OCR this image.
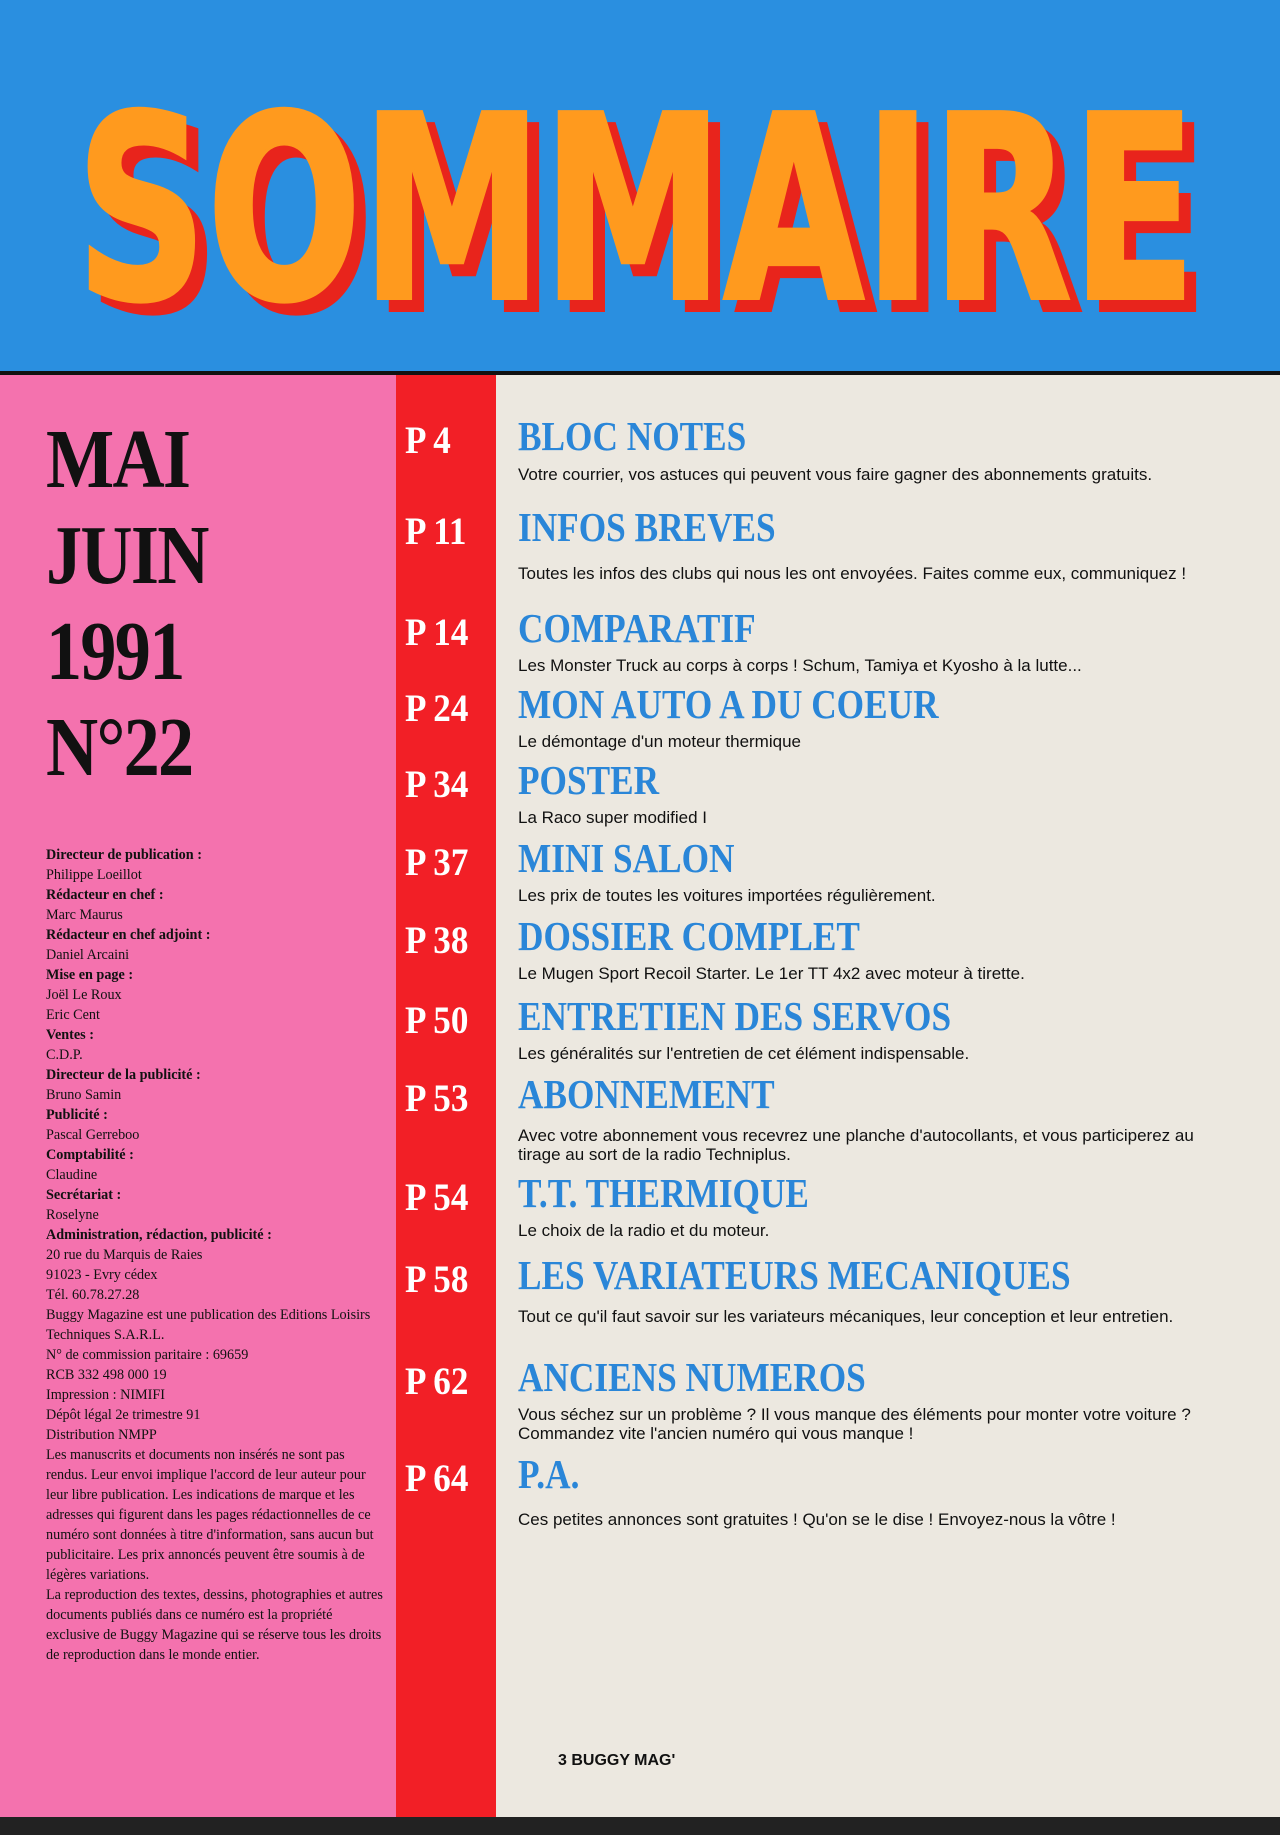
SOMMAIRE
SOMMAIRE
MAI
JUIN
1991
N°22
Directeur de publication :
Philippe Loeillot
Rédacteur en chef :
Marc Maurus
Rédacteur en chef adjoint :
Daniel Arcaini
Mise en page :
Joël Le Roux
Eric Cent
Ventes :
C.D.P.
Directeur de la publicité :
Bruno Samin
Publicité :
Pascal Gerreboo
Comptabilité :
Claudine
Secrétariat :
Roselyne
Administration, rédaction, publicité :
20 rue du Marquis de Raies
91023 - Evry cédex
Tél. 60.78.27.28
Buggy Magazine est une publication des Editions Loisirs Techniques S.A.R.L.
N° de commission paritaire : 69659
RCB 332 498 000 19
Impression : NIMIFI
Dépôt légal 2e trimestre 91
Distribution NMPP
Les manuscrits et documents non insérés ne sont pas rendus. Leur envoi implique l'accord de leur auteur pour leur libre publication. Les indications de marque et les adresses qui figurent dans les pages rédactionnelles de ce numéro sont données à titre d'information, sans aucun but publicitaire. Les prix annoncés peuvent être soumis à de légères variations.
La reproduction des textes, dessins, photographies et autres documents publiés dans ce numéro est la propriété exclusive de Buggy Magazine qui se réserve tous les droits de reproduction dans le monde entier.
P 4 BLOC NOTES
Votre courrier, vos astuces qui peuvent vous faire gagner des abonnements gratuits.
P 11 INFOS BREVES
Toutes les infos des clubs qui nous les ont envoyées. Faites comme eux, communiquez !
P 14 COMPARATIF
Les Monster Truck au corps à corps ! Schum, Tamiya et Kyosho à la lutte...
P 24 MON AUTO A DU COEUR
Le démontage d'un moteur thermique
P 34 POSTER
La Raco super modified I
P 37 MINI SALON
Les prix de toutes les voitures importées régulièrement.
P 38 DOSSIER COMPLET
Le Mugen Sport Recoil Starter. Le 1er TT 4x2 avec moteur à tirette.
P 50 ENTRETIEN DES SERVOS
Les généralités sur l'entretien de cet élément indispensable.
P 53 ABONNEMENT
Avec votre abonnement vous recevrez une planche d'autocollants, et vous participerez au tirage au sort de la radio Techniplus.
P 54 T.T. THERMIQUE
Le choix de la radio et du moteur.
P 58 LES VARIATEURS MECANIQUES
Tout ce qu'il faut savoir sur les variateurs mécaniques, leur conception et leur entretien.
P 62 ANCIENS NUMEROS
Vous séchez sur un problème ? Il vous manque des éléments pour monter votre voiture ? Commandez vite l'ancien numéro qui vous manque !
P 64 P.A.
Ces petites annonces sont gratuites ! Qu'on se le dise ! Envoyez-nous la vôtre !
3 BUGGY MAG'
